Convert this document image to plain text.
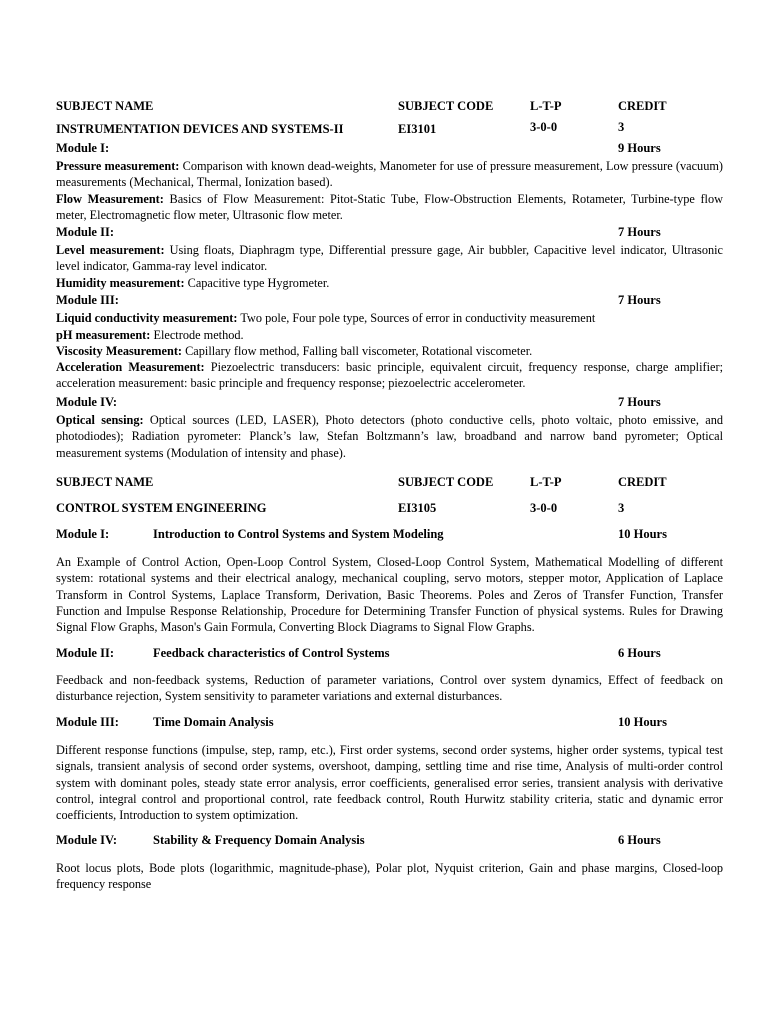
SUBJECT NAME	SUBJECT CODE	L-T-P	CREDIT
INSTRUMENTATION DEVICES AND SYSTEMS-II	EI3101	3-0-0	3
Module I:	9 Hours

Pressure measurement: Comparison with known dead-weights, Manometer for use of pressure measurement, Low pressure (vacuum) measurements (Mechanical, Thermal, Ionization based).

Flow Measurement: Basics of Flow Measurement: Pitot-Static Tube, Flow-Obstruction Elements, Rotameter, Turbine-type flow meter, Electromagnetic flow meter, Ultrasonic flow meter.

Module II:	7 Hours

Level measurement: Using floats, Diaphragm type, Differential pressure gage, Air bubbler, Capacitive level indicator, Ultrasonic level indicator, Gamma-ray level indicator.

Humidity measurement: Capacitive type Hygrometer.

Module III:	7 Hours

Liquid conductivity measurement: Two pole, Four pole type, Sources of error in conductivity measurement

pH measurement: Electrode method.

Viscosity Measurement: Capillary flow method, Falling ball viscometer, Rotational viscometer.

Acceleration Measurement: Piezoelectric transducers: basic principle, equivalent circuit, frequency response, charge amplifier; acceleration measurement: basic principle and frequency response; piezoelectric accelerometer.

Module IV:	7 Hours

Optical sensing: Optical sources (LED, LASER), Photo detectors (photo conductive cells, photo voltaic, photo emissive, and photodiodes); Radiation pyrometer: Planck’s law, Stefan Boltzmann’s law, broadband and narrow band pyrometer; Optical measurement systems (Modulation of intensity and phase).

SUBJECT NAME	SUBJECT CODE	L-T-P	CREDIT
CONTROL SYSTEM ENGINEERING	EI3105	3-0-0	3
Module I:	Introduction to Control Systems and System Modeling	10 Hours

An Example of Control Action, Open-Loop Control System, Closed-Loop Control System, Mathematical Modelling of different system: rotational systems and their electrical analogy, mechanical coupling, servo motors, stepper motor, Application of Laplace Transform in Control Systems, Laplace Transform, Derivation, Basic Theorems. Poles and Zeros of Transfer Function, Transfer Function and Impulse Response Relationship, Procedure for Determining Transfer Function of physical systems. Rules for Drawing Signal Flow Graphs, Mason's Gain Formula, Converting Block Diagrams to Signal Flow Graphs.

Module II:	Feedback characteristics of Control Systems	6 Hours

Feedback and non-feedback systems, Reduction of parameter variations, Control over system dynamics, Effect of feedback on disturbance rejection, System sensitivity to parameter variations and external disturbances.

Module III:	Time Domain Analysis	10 Hours

Different response functions (impulse, step, ramp, etc.), First order systems, second order systems, higher order systems, typical test signals, transient analysis of second order systems, overshoot, damping, settling time and rise time, Analysis of multi-order control system with dominant poles, steady state error analysis, error coefficients, generalised error series, transient analysis with derivative control, integral control and proportional control, rate feedback control, Routh Hurwitz stability criteria, static and dynamic error coefficients, Introduction to system optimization.

Module IV:	Stability & Frequency Domain Analysis	6 Hours

Root locus plots, Bode plots (logarithmic, magnitude-phase), Polar plot, Nyquist criterion, Gain and phase margins, Closed-loop frequency response
